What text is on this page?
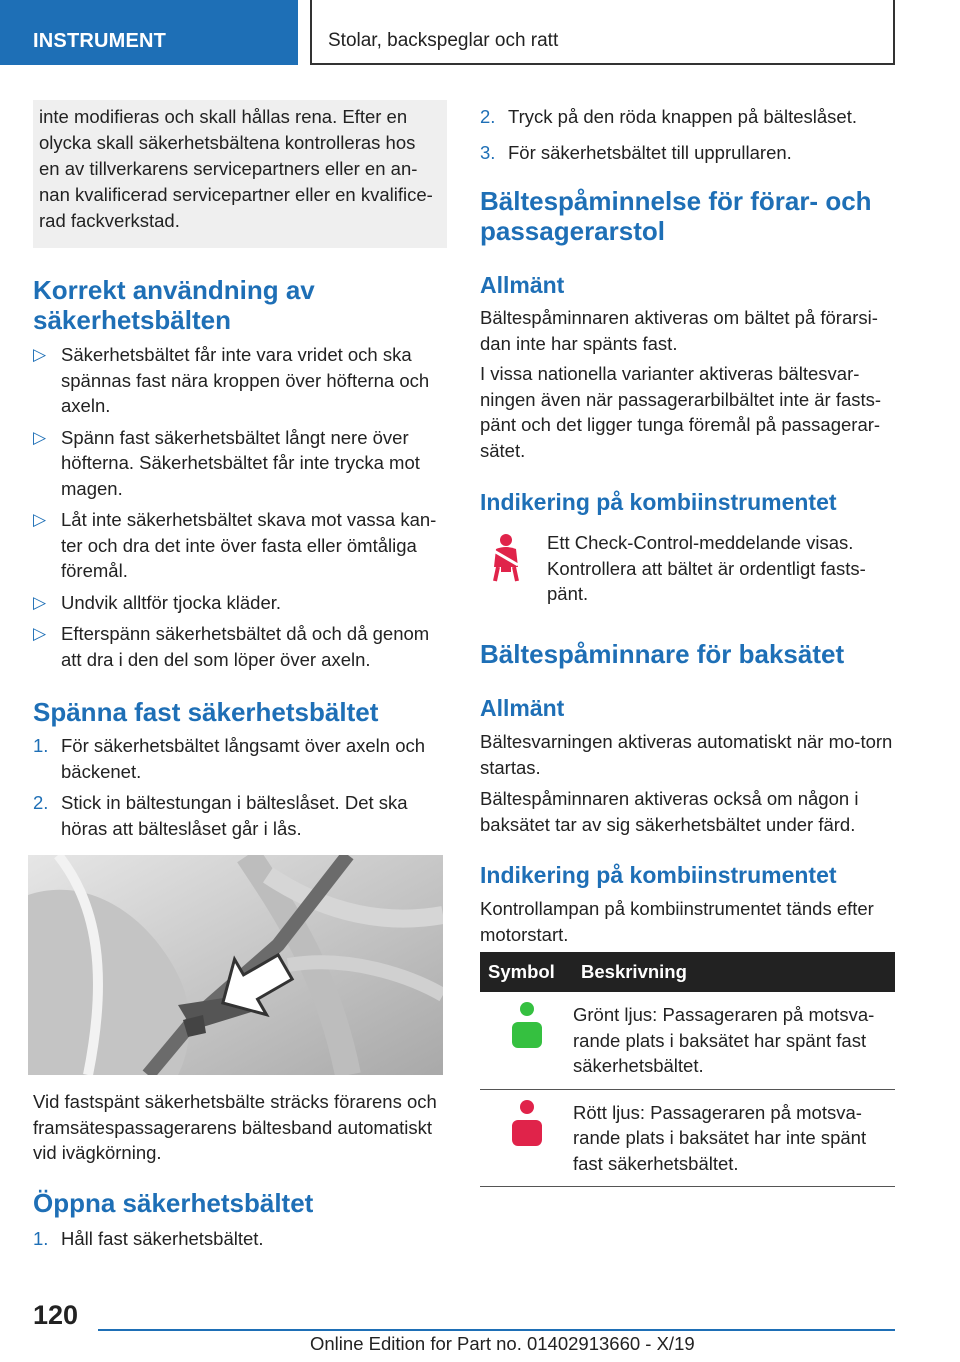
INSTRUMENT	Stolar, backspeglar och ratt
inte modifieras och skall hållas rena. Efter en olycka skall säkerhetsbältena kontrolleras hos en av tillverkarens servicepartners eller en an-nan kvalificerad servicepartner eller en kvalifice-rad fackverkstad.
Korrekt användning av säkerhetsbälten
▷ Säkerhetsbältet får inte vara vridet och ska spännas fast nära kroppen över höfterna och axeln.
▷ Spänn fast säkerhetsbältet långt nere över höfterna. Säkerhetsbältet får inte trycka mot magen.
▷ Låt inte säkerhetsbältet skava mot vassa kan-ter och dra det inte över fasta eller ömtåliga föremål.
▷ Undvik alltför tjocka kläder.
▷ Efterspänn säkerhetsbältet då och då genom att dra i den del som löper över axeln.
Spänna fast säkerhetsbältet
1. För säkerhetsbältet långsamt över axeln och bäckenet.
2. Stick in bältestungan i bälteslåset. Det ska höras att bälteslåset går i lås.
Vid fastspänt säkerhetsbälte sträcks förarens och framsätespassagerarens bältesband automatiskt vid ivägkörning.
Öppna säkerhetsbältet
1. Håll fast säkerhetsbältet.
2. Tryck på den röda knappen på bälteslåset.
3. För säkerhetsbältet till upprullaren.
Bältespåminnelse för förar- och passagerarstol
Allmänt
Bältespåminnaren aktiveras om bältet på förarsi-dan inte har spänts fast.
I vissa nationella varianter aktiveras bältesvar-ningen även när passagerarbilbältet inte är fasts-pänt och det ligger tunga föremål på passagerar-sätet.
Indikering på kombiinstrumentet
Ett Check-Control-meddelande visas. Kontrollera att bältet är ordentligt fasts-pänt.
Bältespåminnare för baksätet
Allmänt
Bältesvarningen aktiveras automatiskt när mo-torn startas.
Bältespåminnaren aktiveras också om någon i baksätet tar av sig säkerhetsbältet under färd.
Indikering på kombiinstrumentet
Kontrollampan på kombiinstrumentet tänds efter motorstart.
Symbol	Beskrivning
	Grönt ljus: Passageraren på motsva-rande plats i baksätet har spänt fast säkerhetsbältet.
	Rött ljus: Passageraren på motsva-rande plats i baksätet har inte spänt fast säkerhetsbältet.
120
Online Edition for Part no. 01402913660 - X/19
